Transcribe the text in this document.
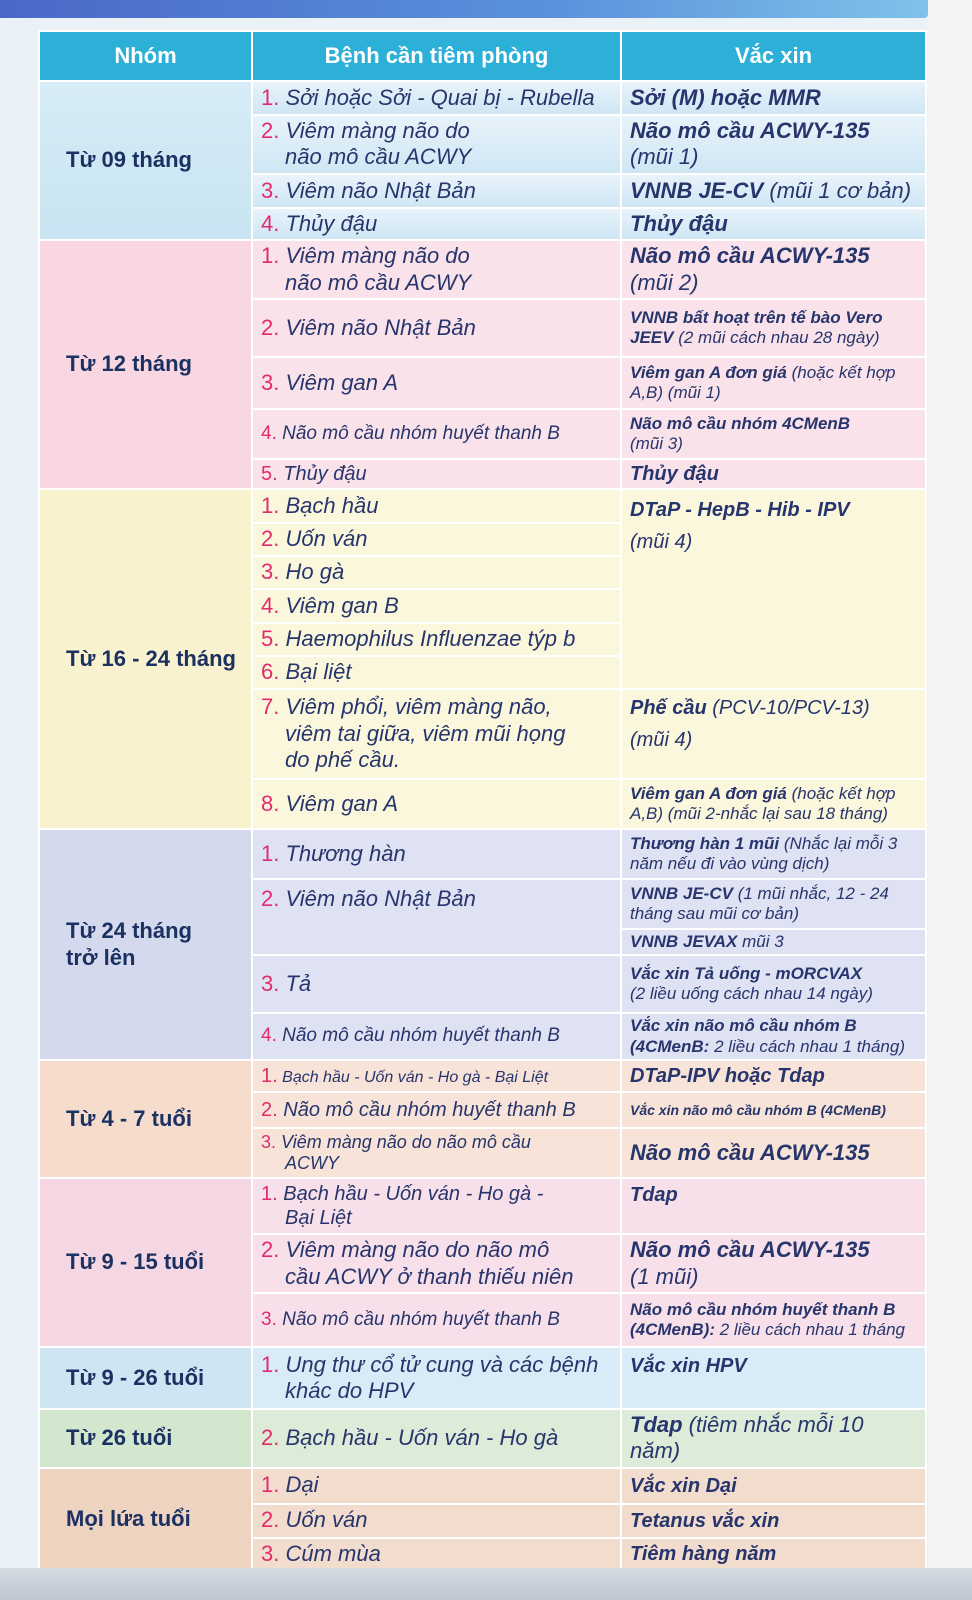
Nhóm	Bệnh cần tiêm phòng	Vắc xin
Từ 09 tháng	1. Sởi hoặc Sởi - Quai bị - Rubella	Sởi (M) hoặc MMR
	2. Viêm màng não do
não mô cầu ACWY	Não mô cầu ACWY-135
(mũi 1)

	3. Viêm não Nhật Bản	VNNB JE-CV (mũi 1 cơ bản)
	4. Thủy đậu	Thủy đậu
Từ 12 tháng	1. Viêm màng não do
não mô cầu ACWY	Não mô cầu ACWY-135
(mũi 2)

	2. Viêm não Nhật Bản	VNNB bất hoạt trên tế bào Vero
JEEV (2 mũi cách nhau 28 ngày)

	3. Viêm gan A	Viêm gan A đơn giá (hoặc kết hợp
A,B) (mũi 1)

	4. Não mô cầu nhóm huyết thanh B	Não mô cầu nhóm 4CMenB
(mũi 3)

	5. Thủy đậu	Thủy đậu
Từ 16 - 24 tháng	1. Bạch hầu	DTaP - HepB - Hib - IPV
(mũi 4)

	2. Uốn ván	
	3. Ho gà	
	4. Viêm gan B	
	5. Haemophilus Influenzae týp b	
	6. Bại liệt	
	7. Viêm phổi, viêm màng não,
viêm tai giữa, viêm mũi họng
do phế cầu.	Phế cầu (PCV-10/PCV-13)
(mũi 4)

	8. Viêm gan A	Viêm gan A đơn giá (hoặc kết hợp
A,B) (mũi 2-nhắc lại sau 18 tháng)

Từ 24 tháng
trở lên	1. Thương hàn	Thương hàn 1 mũi (Nhắc lại mỗi 3
năm nếu đi vào vùng dịch)

	2. Viêm não Nhật Bản	VNNB JE-CV (1 mũi nhắc, 12 - 24
tháng sau mũi cơ bản)

		VNNB JEVAX mũi 3
	3. Tả	Vắc xin Tả uống - mORCVAX
(2 liều uống cách nhau 14 ngày)

	4. Não mô cầu nhóm huyết thanh B	Vắc xin não mô cầu nhóm B
(4CMenB: 2 liều cách nhau 1 tháng)

Từ 4 - 7 tuổi	1. Bạch hầu - Uốn ván - Ho gà - Bại Liệt	DTaP-IPV hoặc Tdap
	2. Não mô cầu nhóm huyết thanh B	Vắc xin não mô cầu nhóm B (4CMenB)
	3. Viêm màng não do não mô cầu
ACWY	Não mô cầu ACWY-135
Từ 9 - 15 tuổi	1. Bạch hầu - Uốn ván - Ho gà -
Bại Liệt	Tdap
	2. Viêm màng não do não mô
cầu ACWY ở thanh thiếu niên	Não mô cầu ACWY-135
(1 mũi)

	3. Não mô cầu nhóm huyết thanh B	Não mô cầu nhóm huyết thanh B
(4CMenB): 2 liều cách nhau 1 tháng

Từ 9 - 26 tuổi	1. Ung thư cổ tử cung và các bệnh
khác do HPV	Vắc xin HPV
Từ 26 tuổi	2. Bạch hầu - Uốn ván - Ho gà	Tdap (tiêm nhắc mỗi 10 năm)
Mọi lứa tuổi	1. Dại	Vắc xin Dại
	2. Uốn ván	Tetanus vắc xin
	3. Cúm mùa	Tiêm hàng năm
